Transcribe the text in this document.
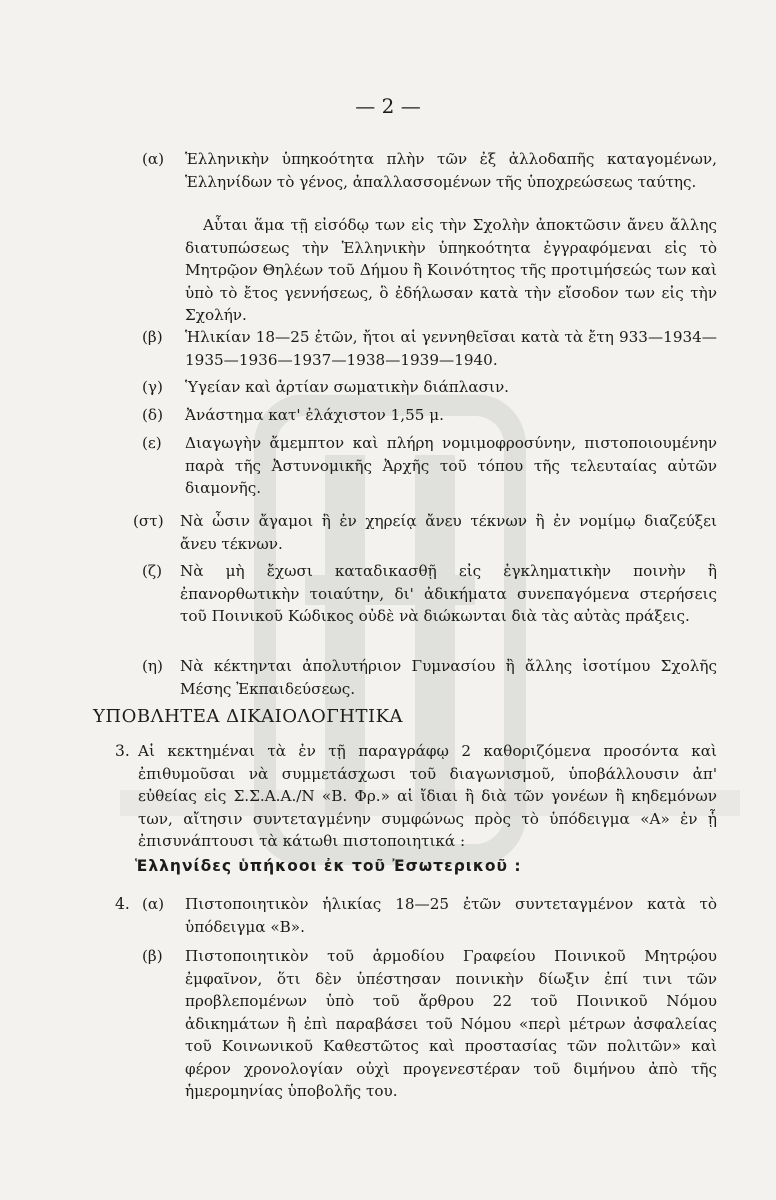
— 2 —
(α) Ἑλληνικὴν ὑπηκοότητα πλὴν τῶν ἐξ ἀλλοδαπῆς καταγομένων, Ἑλληνίδων τὸ γένος, ἀπαλλασσομένων τῆς ὑποχρεώσεως ταύτης.
Αὗται ἅμα τῇ εἰσόδῳ των εἰς τὴν Σχολὴν ἀποκτῶσιν ἄνευ ἄλλης διατυπώσεως τὴν Ἑλληνικὴν ὑπηκοότητα ἐγγραφόμεναι εἰς τὸ Μητρῷον Θηλέων τοῦ Δήμου ἢ Κοινότητος τῆς προτιμήσεώς των καὶ ὑπὸ τὸ ἔτος γεννήσεως, ὃ ἐδήλωσαν κατὰ τὴν εἴσοδον των εἰς τὴν Σχολήν.
(β) Ἡλικίαν 18—25 ἐτῶν, ἤτοι αἱ γεννηθεῖσαι κατὰ τὰ ἔτη 933—1934—1935—1936—1937—1938—1939—1940.
(γ) Ὑγείαν καὶ ἀρτίαν σωματικὴν διάπλασιν.
(δ) Ἀνάστημα κατ' ἐλάχιστον 1,55 μ.
(ε) Διαγωγὴν ἄμεμπτον καὶ πλήρη νομιμοφροσύνην, πιστοποιουμένην παρὰ τῆς Ἀστυνομικῆς Ἀρχῆς τοῦ τόπου τῆς τελευταίας αὐτῶν διαμονῆς.
(στ) Νὰ ὦσιν ἄγαμοι ἢ ἐν χηρείᾳ ἄνευ τέκνων ἢ ἐν νομίμῳ διαζεύξει ἄνευ τέκνων.
(ζ) Νὰ μὴ ἔχωσι καταδικασθῇ εἰς ἐγκληματικὴν ποινὴν ἢ ἐπανορθωτικὴν τοιαύτην, δι' ἀδικήματα συνεπαγόμενα στερήσεις τοῦ Ποινικοῦ Κώδικος οὐδὲ νὰ διώκωνται διὰ τὰς αὐτὰς πράξεις.
(η) Νὰ κέκτηνται ἀπολυτήριον Γυμνασίου ἢ ἄλλης ἰσοτίμου Σχολῆς Μέσης Ἐκπαιδεύσεως.
ΥΠΟΒΛΗΤΕΑ ΔΙΚΑΙΟΛΟΓΗΤΙΚΑ
3. Αἱ κεκτημέναι τὰ ἐν τῇ παραγράφῳ 2 καθοριζόμενα προσόντα καὶ ἐπιθυμοῦσαι νὰ συμμετάσχωσι τοῦ διαγωνισμοῦ, ὑποβάλλουσιν ἀπ' εὐθείας εἰς Σ.Σ.Α.Α./Ν «Β. Φρ.» αἱ ἴδιαι ἢ διὰ τῶν γονέων ἢ κηδεμόνων των, αἴτησιν συντεταγμένην συμφώνως πρὸς τὸ ὑπόδειγμα «Α» ἐν ᾗ ἐπισυνάπτουσι τὰ κάτωθι πιστοποιητικά :
Ἑλληνίδες ὑπήκοοι ἐκ τοῦ Ἐσωτερικοῦ :
4. (α) Πιστοποιητικὸν ἡλικίας 18—25 ἐτῶν συντεταγμένον κατὰ τὸ ὑπόδειγμα «Β».
(β) Πιστοποιητικὸν τοῦ ἁρμοδίου Γραφείου Ποινικοῦ Μητρῴου ἐμφαῖνον, ὅτι δὲν ὑπέστησαν ποινικὴν δίωξιν ἐπί τινι τῶν προβλεπομένων ὑπὸ τοῦ ἄρθρου 22 τοῦ Ποινικοῦ Νόμου ἀδικημάτων ἢ ἐπὶ παραβάσει τοῦ Νόμου «περὶ μέτρων ἀσφαλείας τοῦ Κοινωνικοῦ Καθεστῶτος καὶ προστασίας τῶν πολιτῶν» καὶ φέρον χρονολογίαν οὐχὶ προγενεστέραν τοῦ διμήνου ἀπὸ τῆς ἡμερομηνίας ὑποβολῆς του.
